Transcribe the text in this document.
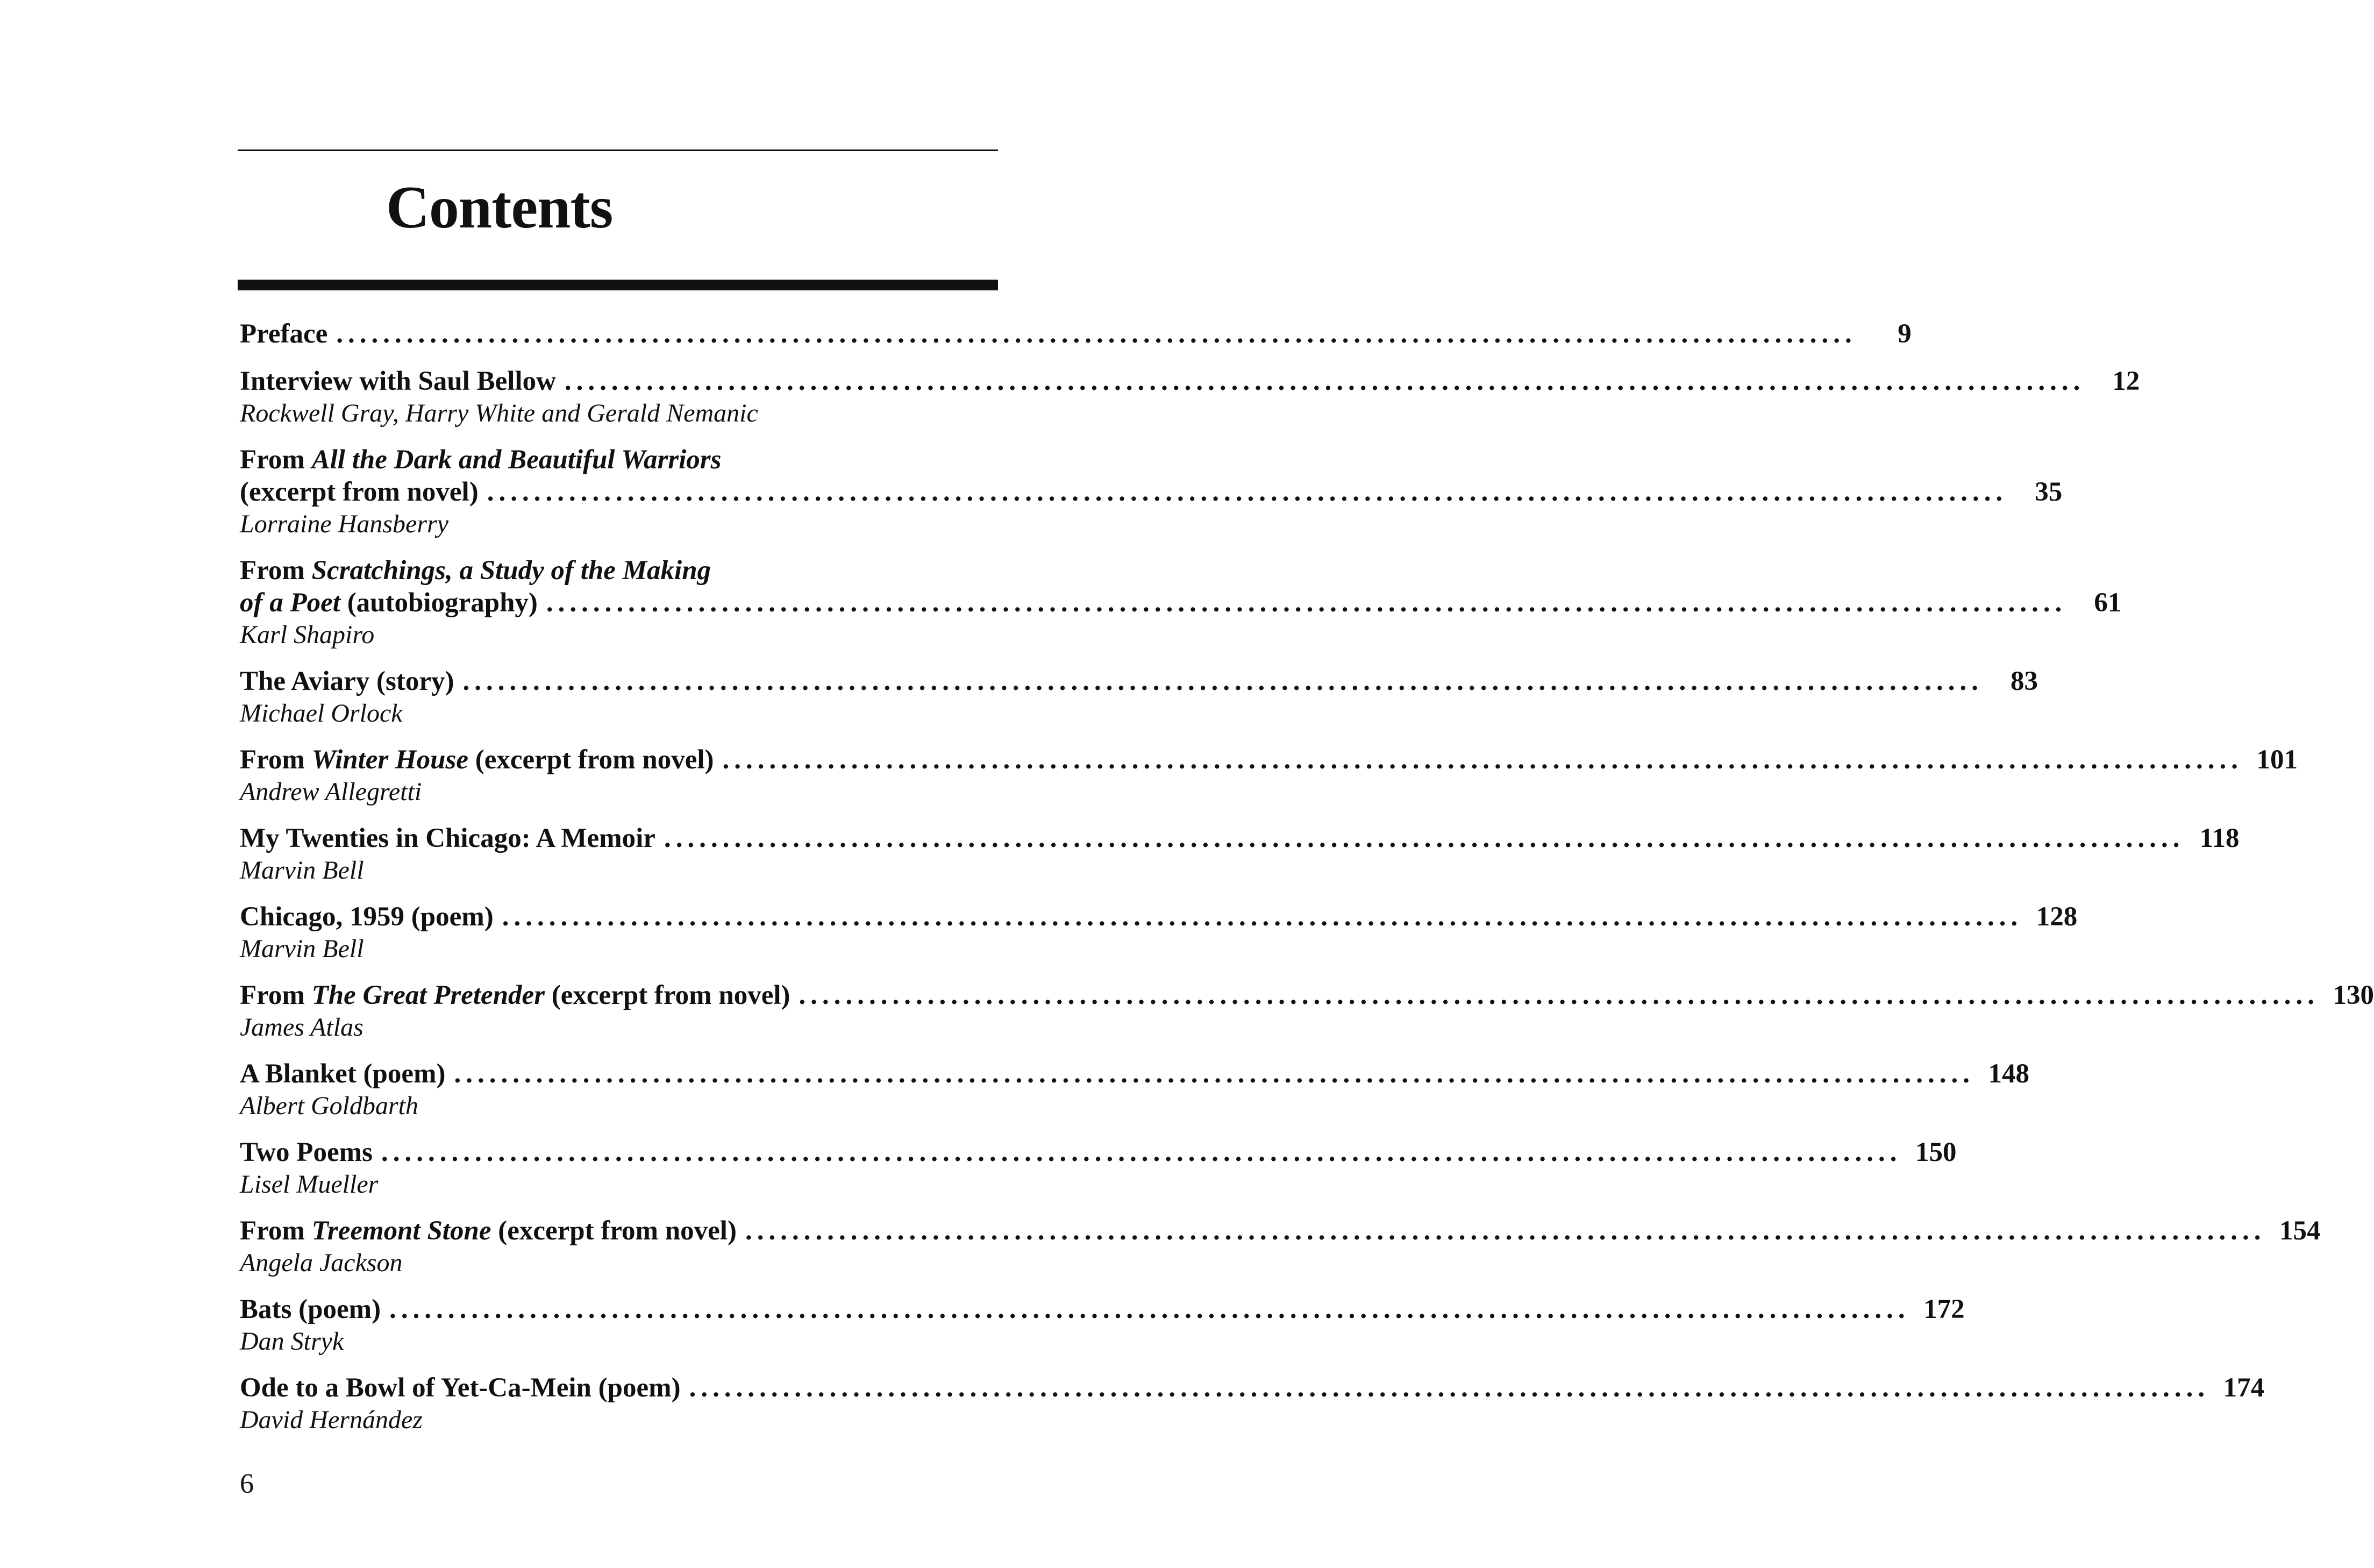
Contents
Preface ..................................................................................................................................	9
Interview with Saul Bellow ..................................................................................................................................	12
Rockwell Gray, Harry White and Gerald Nemanic
From All the Dark and Beautiful Warriors
(excerpt from novel) ..................................................................................................................................	35
Lorraine Hansberry
From Scratchings, a Study of the Making
of a Poet (autobiography) ..................................................................................................................................	61
Karl Shapiro
The Aviary (story) ..................................................................................................................................	83
Michael Orlock
From Winter House (excerpt from novel) .................................................................................................................................. 101
Andrew Allegretti
My Twenties in Chicago: A Memoir .................................................................................................................................. 118
Marvin Bell
Chicago, 1959 (poem) .................................................................................................................................. 128
Marvin Bell
From The Great Pretender (excerpt from novel) .................................................................................................................................. 130
James Atlas
A Blanket (poem) .................................................................................................................................. 148
Albert Goldbarth
Two Poems .................................................................................................................................. 150
Lisel Mueller
From Treemont Stone (excerpt from novel) .................................................................................................................................. 154
Angela Jackson
Bats (poem) .................................................................................................................................. 172
Dan Stryk
Ode to a Bowl of Yet-Ca-Mein (poem) .................................................................................................................................. 174
David Hernández
6
